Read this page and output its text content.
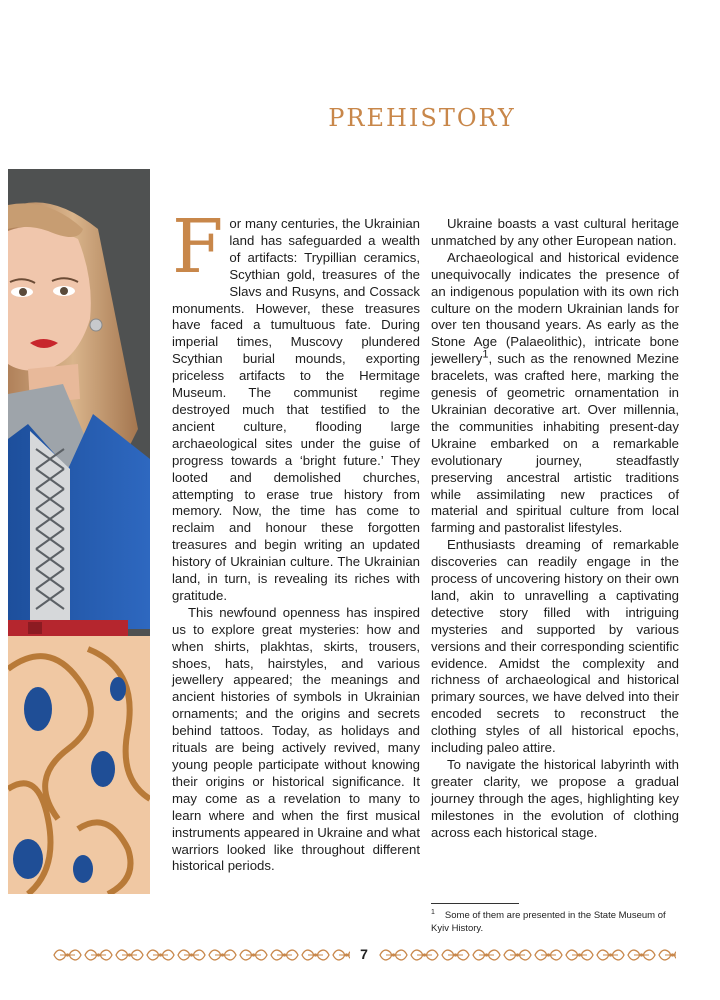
PREHISTORY

For many centuries, the Ukrainian land has safeguarded a wealth of artifacts: Trypillian ceramics, Scythian gold, treasures of the Slavs and Rusyns, and Cossack monuments. However, these treasures have faced a tumultuous fate. During imperial times, Muscovy plundered Scythian burial mounds, exporting priceless artifacts to the Hermitage Museum. The communist regime destroyed much that testified to the ancient culture, flooding large archaeological sites under the guise of progress towards a ‘bright future.’ They looted and demolished churches, attempting to erase true history from memory. Now, the time has come to reclaim and honour these forgotten treasures and begin writing an updated history of Ukrainian culture. The Ukrainian land, in turn, is revealing its riches with gratitude.

This newfound openness has inspired us to explore great mysteries: how and when shirts, plakhtas, skirts, trousers, shoes, hats, hairstyles, and various jewellery appeared; the meanings and ancient histories of symbols in Ukrainian ornaments; and the origins and secrets behind tattoos. Today, as holidays and rituals are being actively revived, many young people participate without knowing their origins or historical significance. It may come as a revelation to many to learn where and when the first musical instruments appeared in Ukraine and what warriors looked like throughout different historical periods.

Ukraine boasts a vast cultural heritage unmatched by any other European nation.

Archaeological and historical evidence unequivocally indicates the presence of an indigenous population with its own rich culture on the modern Ukrainian lands for over ten thousand years. As early as the Stone Age (Palaeolithic), intricate bone jewellery$^1$, such as the renowned Mezine bracelets, was crafted here, marking the genesis of geometric ornamentation in Ukrainian decorative art. Over millennia, the communities inhabiting present-day Ukraine embarked on a remarkable evolutionary journey, steadfastly preserving ancestral artistic traditions while assimilating new practices of material and spiritual culture from local farming and pastoralist lifestyles.

Enthusiasts dreaming of remarkable discoveries can readily engage in the process of uncovering history on their own land, akin to unravelling a captivating detective story filled with intriguing mysteries and supported by various versions and their corresponding scientific evidence. Amidst the complexity and richness of archaeological and historical primary sources, we have delved into their encoded secrets to reconstruct the clothing styles of all historical epochs, including paleo attire.

To navigate the historical labyrinth with greater clarity, we propose a gradual journey through the ages, highlighting key milestones in the evolution of clothing across each historical stage.

$^1$ Some of them are presented in the State Museum of Kyiv History.
7
